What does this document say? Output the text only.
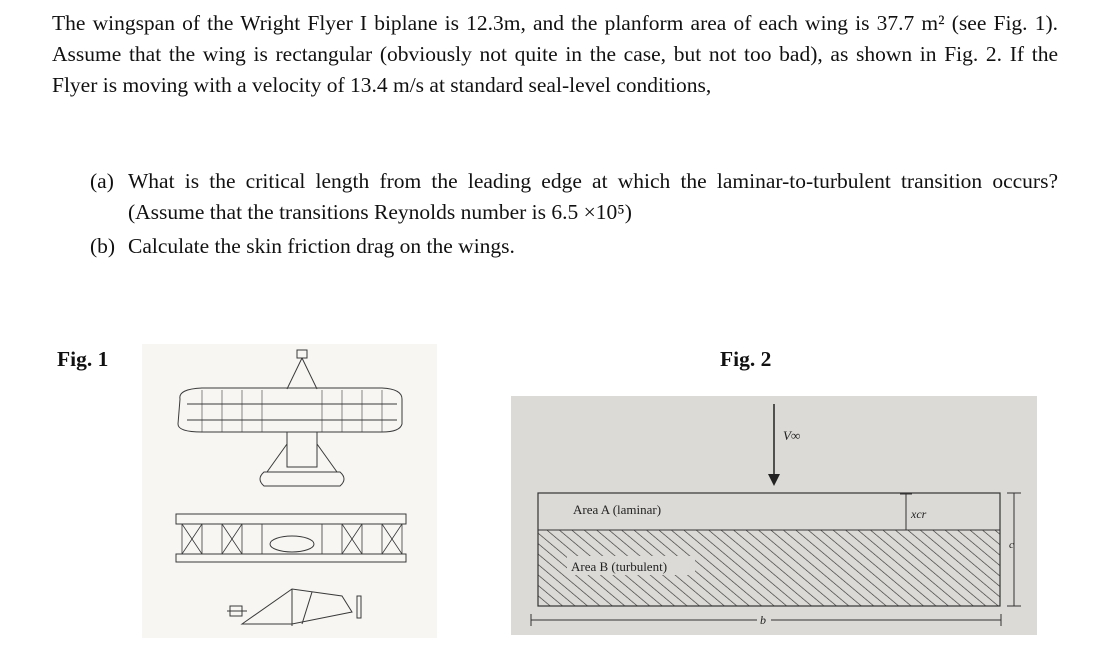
The wingspan of the Wright Flyer I biplane is 12.3m, and the planform area of each wing is 37.7 m² (see Fig. 1). Assume that the wing is rectangular (obviously not quite in the case, but not too bad), as shown in Fig. 2. If the Flyer is moving with a velocity of 13.4 m/s at standard seal-level conditions,

(a) What is the critical length from the leading edge at which the laminar-to-turbulent transition occurs? (Assume that the transitions Reynolds number is 6.5 ×10⁵)
(b) Calculate the skin friction drag on the wings.
Fig. 1	Fig. 2
V∞
Area A (laminar)
Area B (turbulent)
xcr
c
b
